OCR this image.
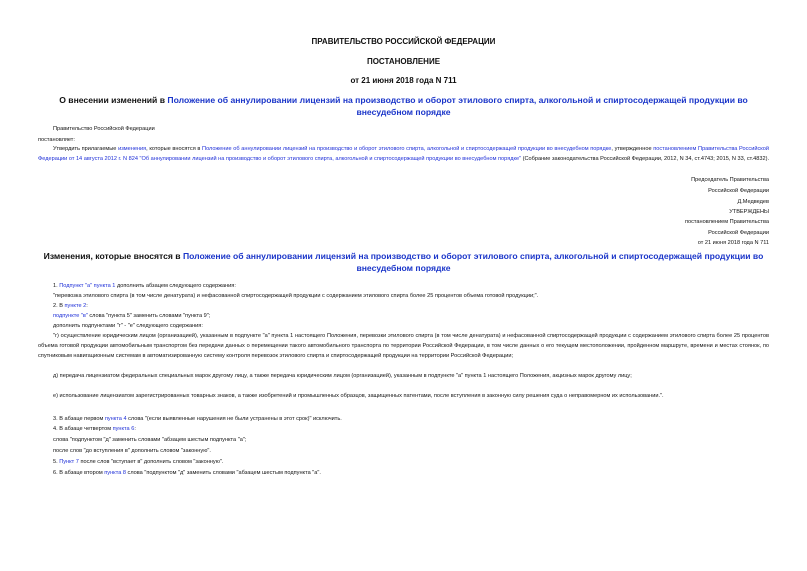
ПРАВИТЕЛЬСТВО РОССИЙСКОЙ ФЕДЕРАЦИИ
ПОСТАНОВЛЕНИЕ
от 21 июня 2018 года N 711
О внесении изменений в Положение об аннулировании лицензий на производство и оборот этилового спирта, алкогольной и спиртосодержащей продукции во внесудебном порядке
Правительство Российской Федерации
постановляет:
Утвердить прилагаемые изменения, которые вносятся в Положение об аннулировании лицензий на производство и оборот этилового спирта, алкогольной и спиртосодержащей продукции во внесудебном порядке, утвержденное постановлением Правительства Российской Федерации от 14 августа 2012 г. N 824 "Об аннулировании лицензий на производство и оборот этилового спирта, алкогольной и спиртосодержащей продукции во внесудебном порядке" (Собрание законодательства Российской Федерации, 2012, N 34, ст.4743; 2015, N 33, ст.4832).
Председатель Правительства
Российской Федерации
Д.Медведев
УТВЕРЖДЕНЫ
постановлением Правительства
Российской Федерации
от 21 июня 2018 года N 711
Изменения, которые вносятся в Положение об аннулировании лицензий на производство и оборот этилового спирта, алкогольной и спиртосодержащей продукции во внесудебном порядке
1. Подпункт "а" пункта 1 дополнить абзацем следующего содержания:
"перевозка этилового спирта (в том числе денатурата) и нефасованной спиртосодержащей продукции с содержанием этилового спирта более 25 процентов объема готовой продукции;".
2. В пункте 2:
подпункте "в" слова "пункта 5" заменить словами "пункта 9";
дополнить подпунктами "г" - "е" следующего содержания:
"г) осуществление юридическим лицом (организацией), указанным в подпункте "а" пункта 1 настоящего Положения, перевозки этилового спирта (в том числе денатурата) и нефасованной спиртосодержащей продукции с содержанием этилового спирта более 25 процентов объема готовой продукции автомобильным транспортом без передачи данных о перемещении такого автомобильного транспорта по территории Российской Федерации, в том числе данных о его текущем местоположении, пройденном маршруте, времени и местах стоянок, по спутниковым навигационным системам в автоматизированную систему контроля перевозок этилового спирта и спиртосодержащей продукции на территории Российской Федерации;
д) передача лицензиатом федеральных специальных марок другому лицу, а также передача юридическим лицом (организацией), указанным в подпункте "а" пункта 1 настоящего Положения, акцизных марок другому лицу;
е) использование лицензиатом зарегистрированных товарных знаков, а также изобретений и промышленных образцов, защищенных патентами, после вступления в законную силу решения суда о неправомерном их использовании.".
3. В абзаце первом пункта 4 слова "(если выявленные нарушения не были устранены в этот срок)" исключить.
4. В абзаце четвертом пункта 6:
слова "подпунктом "д" заменить словами "абзацем шестым подпункта "а";
после слов "до вступления в" дополнить словом "законную".
5. Пункт 7 после слов "вступает в" дополнить словом "законную".
6. В абзаце втором пункта 8 слова "подпунктом "д" заменить словами "абзацем шестым подпункта "а".
